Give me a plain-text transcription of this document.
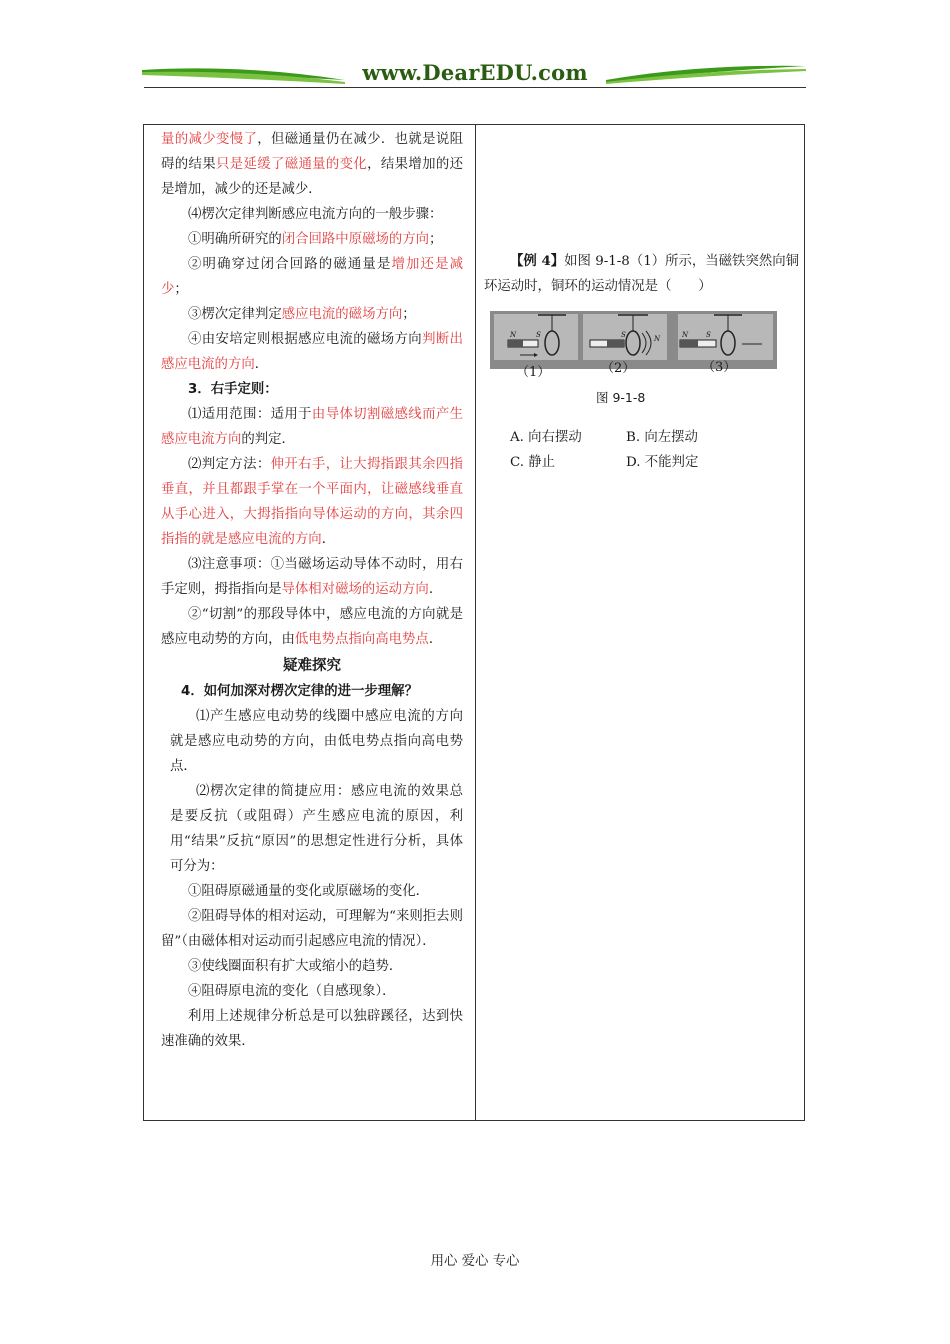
www.DearEDU.com

量的减少变慢了，但磁通量仍在减少．也就是说阻碍的结果只是延缓了磁通量的变化，结果增加的还是增加，减少的还是减少．

⑷楞次定律判断感应电流方向的一般步骤：

①明确所研究的闭合回路中原磁场的方向；

②明确穿过闭合回路的磁通量是增加还是减少；

③楞次定律判定感应电流的磁场方向；

④由安培定则根据感应电流的磁场方向判断出感应电流的方向．

3．右手定则：

⑴适用范围：适用于由导体切割磁感线而产生感应电流方向的判定．

⑵判定方法：伸开右手，让大拇指跟其余四指垂直，并且都跟手掌在一个平面内，让磁感线垂直从手心进入，大拇指指向导体运动的方向，其余四指指的就是感应电流的方向．

⑶注意事项：①当磁场运动导体不动时，用右手定则，拇指指向是导体相对磁场的运动方向．

②“切割”的那段导体中，感应电流的方向就是感应电动势的方向，由低电势点指向高电势点．

疑难探究
4．如何加深对楞次定律的进一步理解？

⑴产生感应电动势的线圈中感应电流的方向就是感应电动势的方向，由低电势点指向高电势点．

⑵楞次定律的简捷应用：感应电流的效果总是要反抗（或阻碍）产生感应电流的原因，利用“结果”反抗“原因”的思想定性进行分析，具体可分为：

①阻碍原磁通量的变化或原磁场的变化．

②阻碍导体的相对运动，可理解为“来则拒去则留”（由磁体相对运动而引起感应电流的情况）．

③使线圈面积有扩大或缩小的趋势．

④阻碍原电流的变化（自感现象）．

利用上述规律分析总是可以独辟蹊径，达到快速准确的效果．

【例 4】如图 9-1-8（1）所示，当磁铁突然向铜环运动时，铜环的运动情况是（　　）

N	S	S	N	N	S
（1）	（2）	（3）
图 9-1-8
A. 向右摆动	B. 向左摆动
C. 静止	D. 不能判定
用心 爱心 专心
